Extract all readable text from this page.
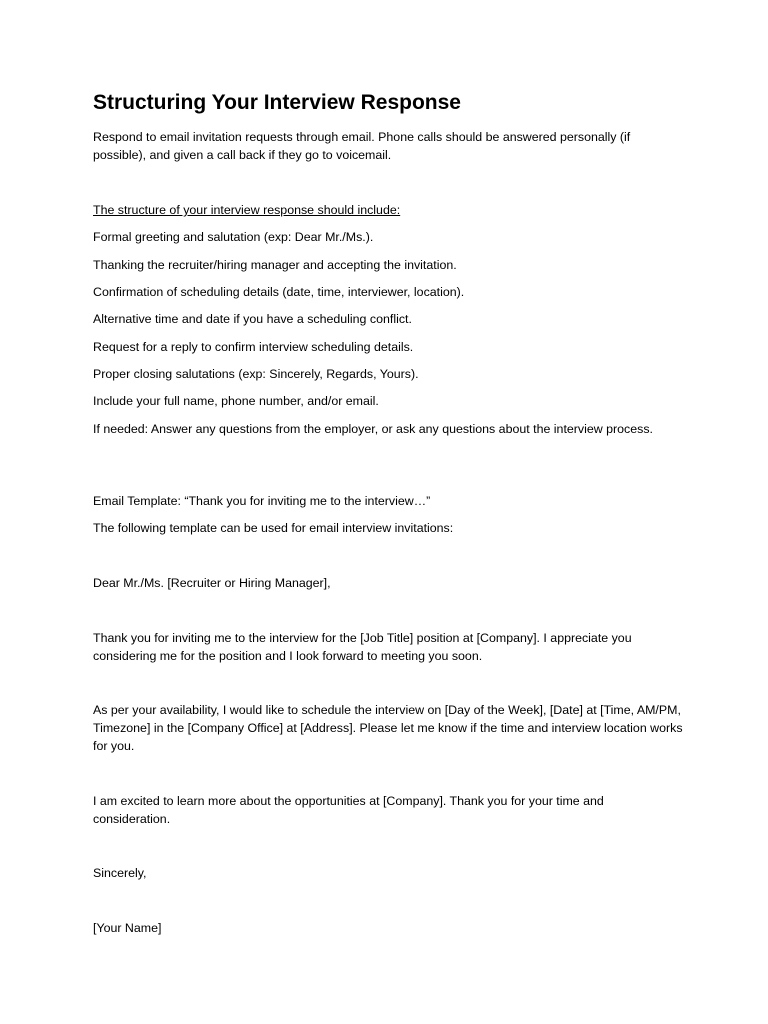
Structuring Your Interview Response

Respond to email invitation requests through email. Phone calls should be answered personally (if possible), and given a call back if they go to voicemail.

The structure of your interview response should include:

Formal greeting and salutation (exp: Dear Mr./Ms.).

Thanking the recruiter/hiring manager and accepting the invitation.

Confirmation of scheduling details (date, time, interviewer, location).

Alternative time and date if you have a scheduling conflict.

Request for a reply to confirm interview scheduling details.

Proper closing salutations (exp: Sincerely, Regards, Yours).

Include your full name, phone number, and/or email.

If needed: Answer any questions from the employer, or ask any questions about the interview process.

Email Template: “Thank you for inviting me to the interview…”

The following template can be used for email interview invitations:

Dear Mr./Ms. [Recruiter or Hiring Manager],

Thank you for inviting me to the interview for the [Job Title] position at [Company]. I appreciate you considering me for the position and I look forward to meeting you soon.

As per your availability, I would like to schedule the interview on [Day of the Week], [Date] at [Time, AM/PM, Timezone] in the [Company Office] at [Address]. Please let me know if the time and interview location works for you.

I am excited to learn more about the opportunities at [Company]. Thank you for your time and consideration.

Sincerely,

[Your Name]
